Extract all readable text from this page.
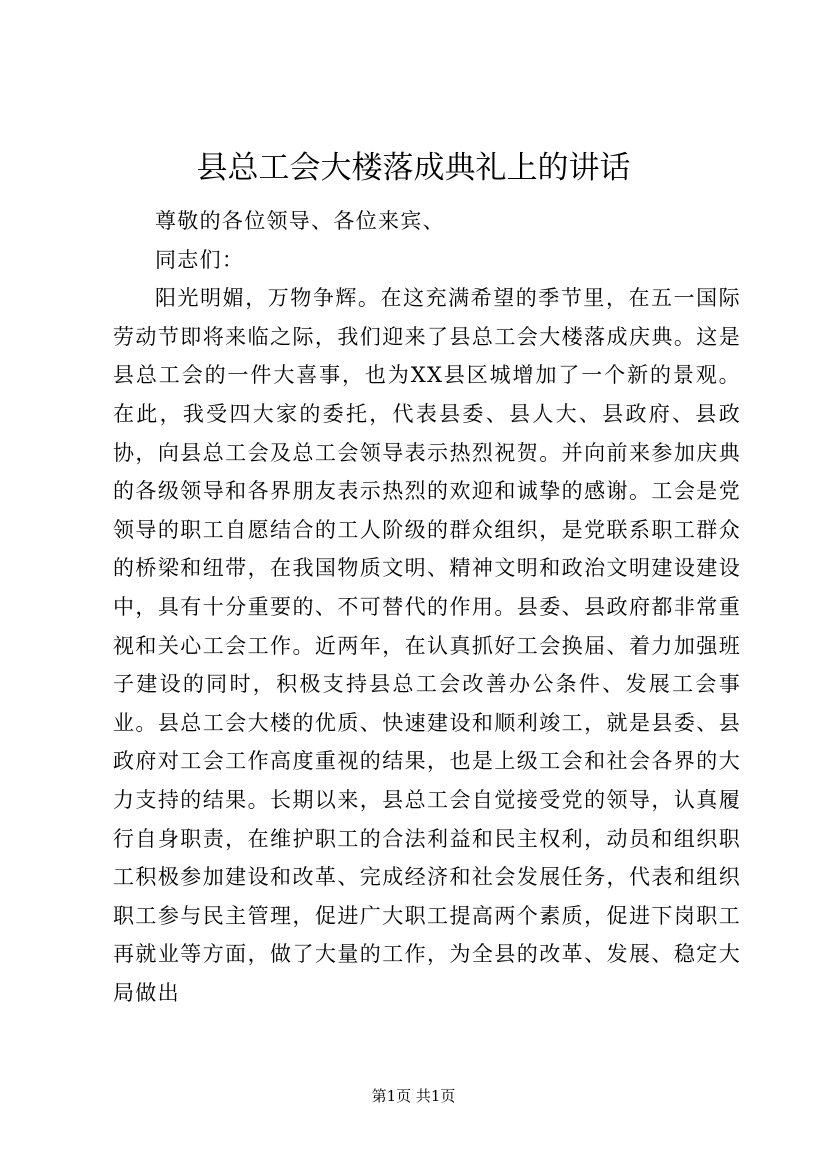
县总工会大楼落成典礼上的讲话

尊敬的各位领导、各位来宾、

同志们：

阳光明媚，万物争辉。在这充满希望的季节里，在五一国际劳动节即将来临之际，我们迎来了县总工会大楼落成庆典。这是县总工会的一件大喜事，也为XX县区城增加了一个新的景观。在此，我受四大家的委托，代表县委、县人大、县政府、县政协，向县总工会及总工会领导表示热烈祝贺。并向前来参加庆典的各级领导和各界朋友表示热烈的欢迎和诚挚的感谢。工会是党领导的职工自愿结合的工人阶级的群众组织，是党联系职工群众的桥梁和纽带，在我国物质文明、精神文明和政治文明建设建设中，具有十分重要的、不可替代的作用。县委、县政府都非常重视和关心工会工作。近两年，在认真抓好工会换届、着力加强班子建设的同时，积极支持县总工会改善办公条件、发展工会事业。县总工会大楼的优质、快速建设和顺利竣工，就是县委、县政府对工会工作高度重视的结果，也是上级工会和社会各界的大力支持的结果。长期以来，县总工会自觉接受党的领导，认真履行自身职责，在维护职工的合法利益和民主权利，动员和组织职工积极参加建设和改革、完成经济和社会发展任务，代表和组织职工参与民主管理，促进广大职工提高两个素质，促进下岗职工再就业等方面，做了大量的工作，为全县的改革、发展、稳定大局做出

第1页 共1页
